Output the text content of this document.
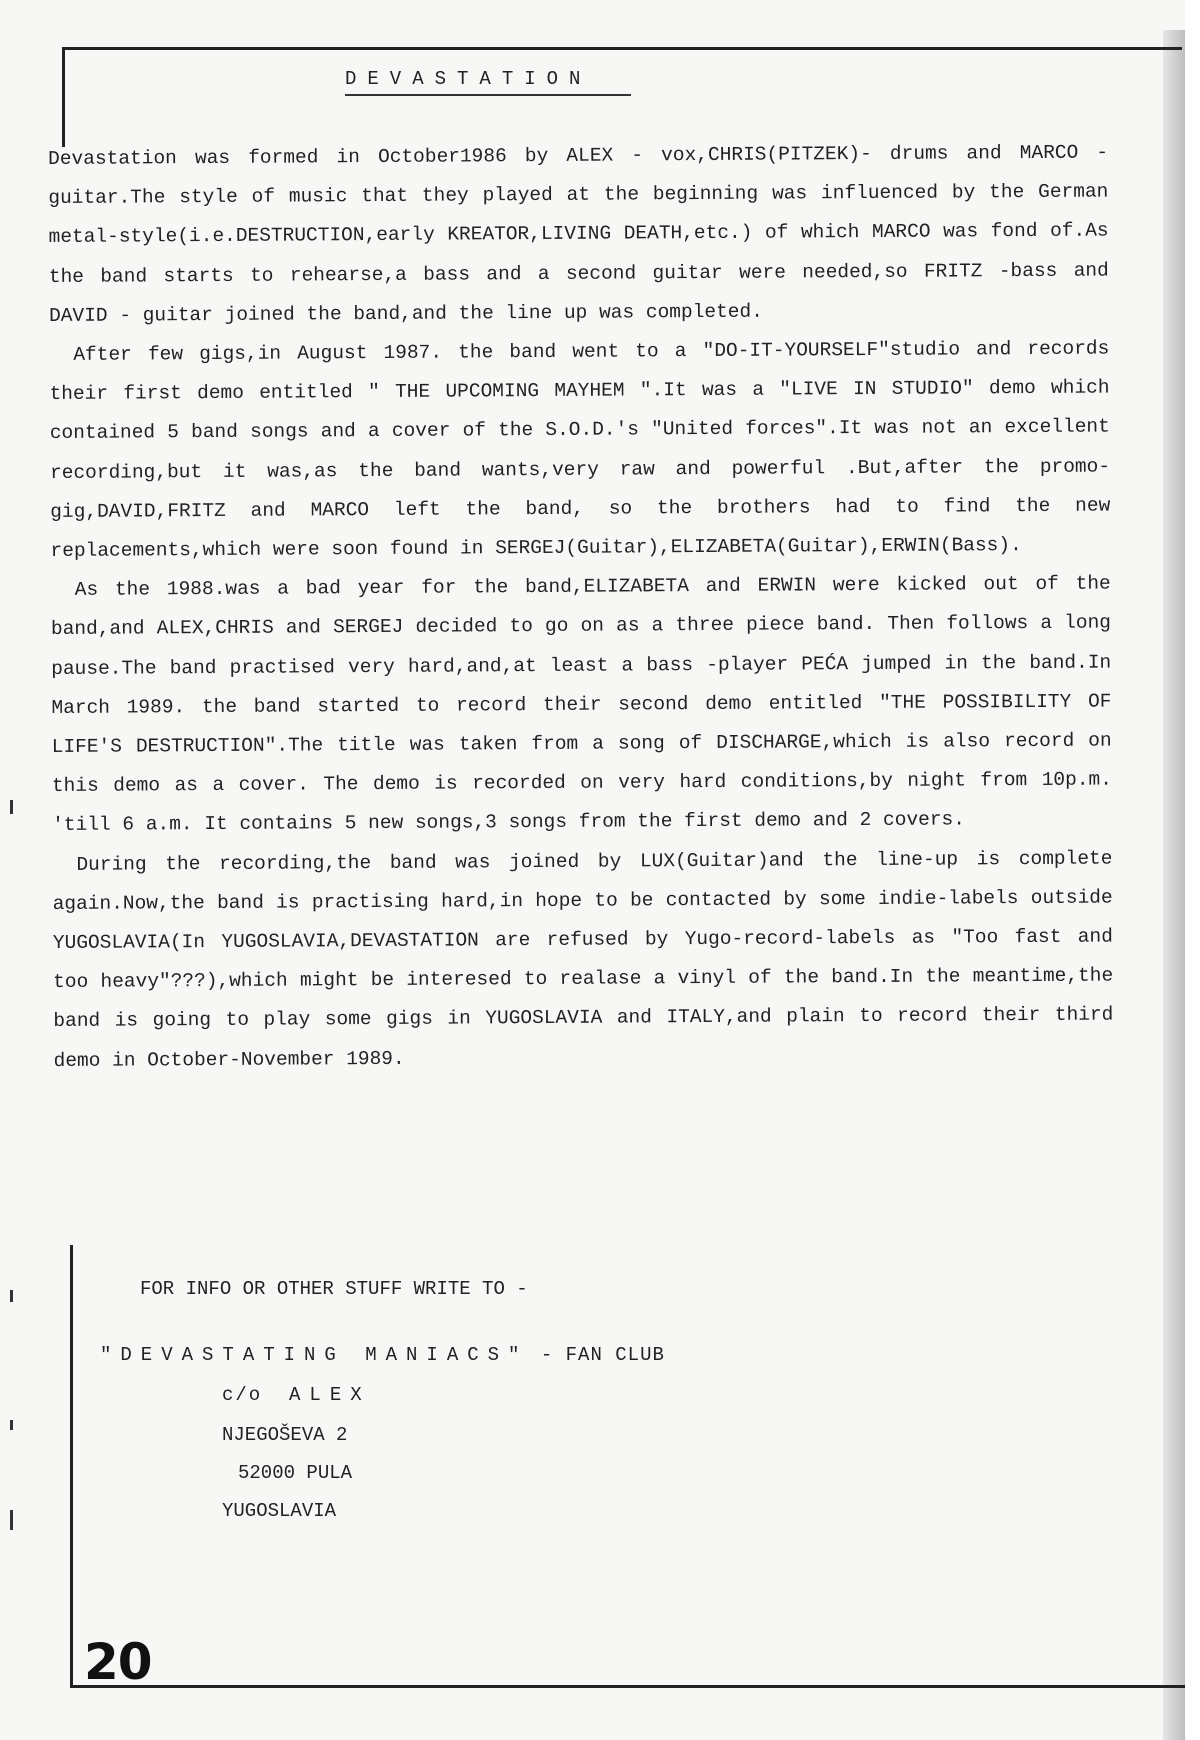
DEVASTATION

Devastation was formed in October1986 by ALEX - vox,CHRIS(PITZEK)- drums and MARCO - guitar.The style of music that they played at the beginning was influenced by the German metal-style(i.e.DESTRUCTION,early KREATOR,LIVING DEATH,etc.) of which MARCO was fond of.As the band starts to rehearse,a bass and a second guitar were needed,so FRITZ -bass and DAVID - guitar joined the band,and the line up was completed.

After few gigs,in August 1987. the band went to a "DO-IT-YOURSELF"studio and records their first demo entitled " THE UPCOMING MAYHEM ".It was a "LIVE IN STUDIO" demo which contained 5 band songs and a cover of the S.O.D.'s "United forces".It was not an excellent recording,but it was,as the band wants,very raw and powerful .But,after the promo-gig,DAVID,FRITZ and MARCO left the band, so the brothers had to find the new replacements,which were soon found in SERGEJ(Guitar),ELIZABETA(Guitar),ERWIN(Bass).

As the 1988.was a bad year for the band,ELIZABETA and ERWIN were kicked out of the band,and ALEX,CHRIS and SERGEJ decided to go on as a three piece band. Then follows a long pause.The band practised very hard,and,at least a bass -player PEĆA jumped in the band.In March 1989. the band started to record their second demo entitled "THE POSSIBILITY OF LIFE'S DESTRUCTION".The title was taken from a song of DISCHARGE,which is also record on this demo as a cover. The demo is recorded on very hard conditions,by night from 10p.m. 'till 6 a.m. It contains 5 new songs,3 songs from the first demo and 2 covers.

During the recording,the band was joined by LUX(Guitar)and the line-up is complete again.Now,the band is practising hard,in hope to be contacted by some indie-labels outside YUGOSLAVIA(In YUGOSLAVIA,DEVASTATION are refused by Yugo-record-labels as "Too fast and too heavy"???),which might be interesed to realase a vinyl of the band.In the meantime,the band is going to play some gigs in YUGOSLAVIA and ITALY,and plain to record their third demo in October-November 1989.

FOR INFO OR OTHER STUFF WRITE TO -
"DEVASTATING MANIACS" - FAN CLUB
c/o ALEX
NJEGOŠEVA 2
52000 PULA
YUGOSLAVIA
20
